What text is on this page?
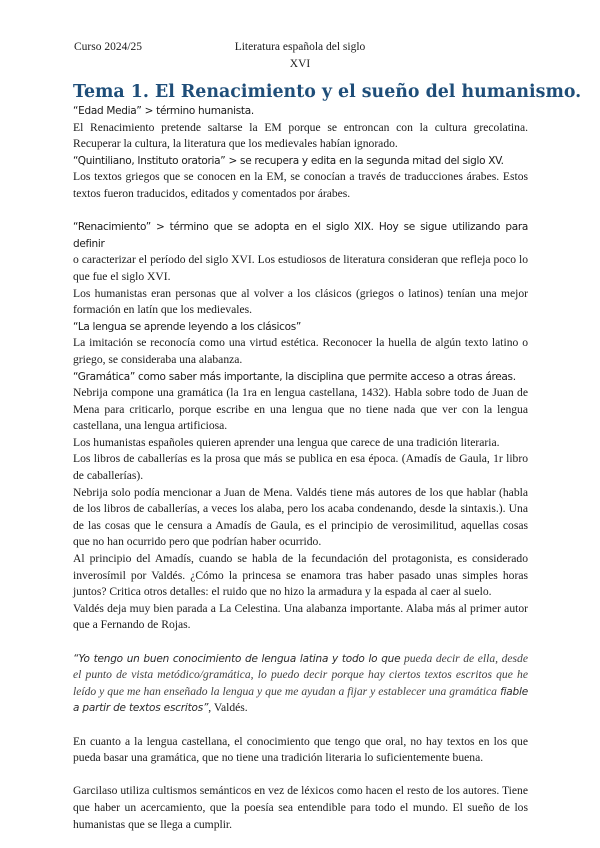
Curso 2024/25	Literatura española del siglo
XVI
Tema 1. El Renacimiento y el sueño del humanismo.

“Edad Media” > término humanista.

El Renacimiento pretende saltarse la EM porque se entroncan con la cultura grecolatina. Recuperar la cultura, la literatura que los medievales habían ignorado.

“Quintiliano, Instituto oratoria” > se recupera y edita en la segunda mitad del siglo XV.

Los textos griegos que se conocen en la EM, se conocían a través de traducciones árabes. Estos textos fueron traducidos, editados y comentados por árabes.

“Renacimiento” > término que se adopta en el siglo XIX. Hoy se sigue utilizando para definir

o caracterizar el período del siglo XVI. Los estudiosos de literatura consideran que refleja poco lo que fue el siglo XVI.

Los humanistas eran personas que al volver a los clásicos (griegos o latinos) tenían una mejor formación en latín que los medievales.

“La lengua se aprende leyendo a los clásicos”

La imitación se reconocía como una virtud estética. Reconocer la huella de algún texto latino o griego, se consideraba una alabanza.

“Gramática” como saber más importante, la disciplina que permite acceso a otras áreas.

Nebrija compone una gramática (la 1ra en lengua castellana, 1432). Habla sobre todo de Juan de Mena para criticarlo, porque escribe en una lengua que no tiene nada que ver con la lengua castellana, una lengua artificiosa.

Los humanistas españoles quieren aprender una lengua que carece de una tradición literaria.

Los libros de caballerías es la prosa que más se publica en esa época. (Amadís de Gaula, 1r libro de caballerías).

Nebrija solo podía mencionar a Juan de Mena. Valdés tiene más autores de los que hablar (habla de los libros de caballerías, a veces los alaba, pero los acaba condenando, desde la sintaxis.). Una de las cosas que le censura a Amadís de Gaula, es el principio de verosimilitud, aquellas cosas que no han ocurrido pero que podrían haber ocurrido.

Al principio del Amadís, cuando se habla de la fecundación del protagonista, es considerado inverosímil por Valdés. ¿Cómo la princesa se enamora tras haber pasado unas simples horas juntos? Critica otros detalles: el ruido que no hizo la armadura y la espada al caer al suelo.

Valdés deja muy bien parada a La Celestina. Una alabanza importante. Alaba más al primer autor que a Fernando de Rojas.

“Yo tengo un buen conocimiento de lengua latina y todo lo que pueda decir de ella, desde el punto de vista metódico/gramática, lo puedo decir porque hay ciertos textos escritos que he leído y que me han enseñado la lengua y que me ayudan a fijar y establecer una gramática fiable a partir de textos escritos”, Valdés.

En cuanto a la lengua castellana, el conocimiento que tengo que oral, no hay textos en los que pueda basar una gramática, que no tiene una tradición literaria lo suficientemente buena.

Garcilaso utiliza cultismos semánticos en vez de léxicos como hacen el resto de los autores. Tiene que haber un acercamiento, que la poesía sea entendible para todo el mundo. El sueño de los humanistas que se llega a cumplir.
